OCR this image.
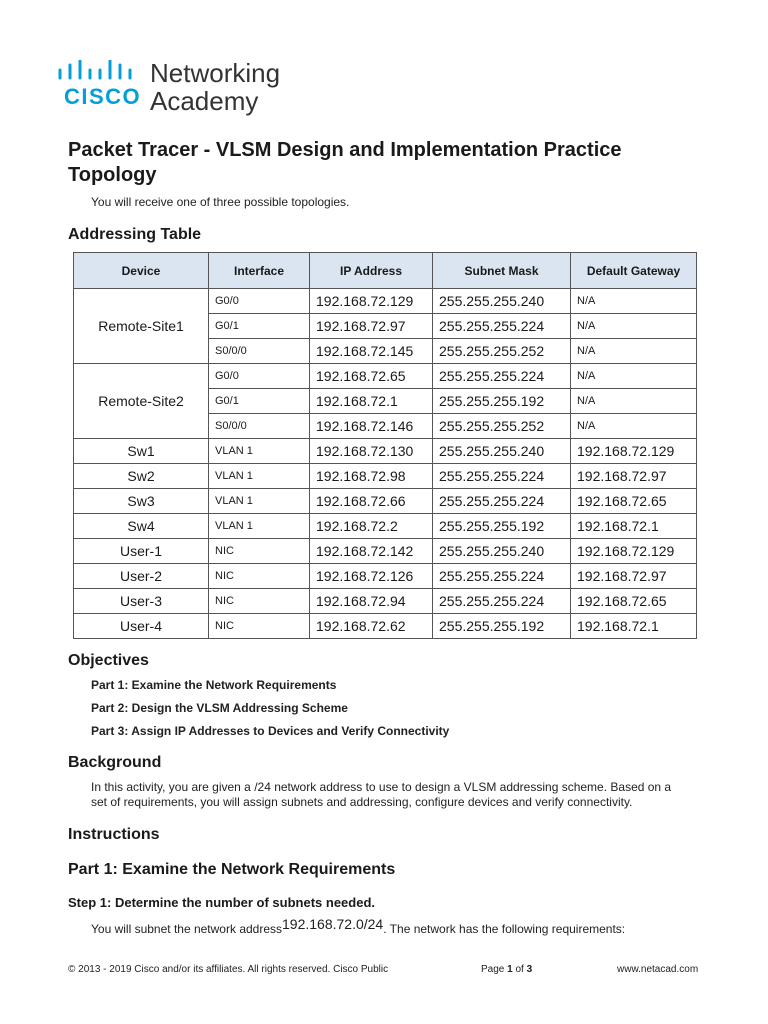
CISCO
Networking
Academy
Packet Tracer - VLSM Design and Implementation Practice Topology
You will receive one of three possible topologies.
Addressing Table
Device	Interface	IP Address	Subnet Mask	Default Gateway
Remote-Site1	G0/0	192.168.72.129	255.255.255.240	N/A
	G0/1	192.168.72.97	255.255.255.224	N/A
	S0/0/0	192.168.72.145	255.255.255.252	N/A
Remote-Site2	G0/0	192.168.72.65	255.255.255.224	N/A
	G0/1	192.168.72.1	255.255.255.192	N/A
	S0/0/0	192.168.72.146	255.255.255.252	N/A
Sw1	VLAN 1	192.168.72.130	255.255.255.240	192.168.72.129
Sw2	VLAN 1	192.168.72.98	255.255.255.224	192.168.72.97
Sw3	VLAN 1	192.168.72.66	255.255.255.224	192.168.72.65
Sw4	VLAN 1	192.168.72.2	255.255.255.192	192.168.72.1
User-1	NIC	192.168.72.142	255.255.255.240	192.168.72.129
User-2	NIC	192.168.72.126	255.255.255.224	192.168.72.97
User-3	NIC	192.168.72.94	255.255.255.224	192.168.72.65
User-4	NIC	192.168.72.62	255.255.255.192	192.168.72.1
Objectives
Part 1: Examine the Network Requirements
Part 2: Design the VLSM Addressing Scheme
Part 3: Assign IP Addresses to Devices and Verify Connectivity
Background
In this activity, you are given a /24 network address to use to design a VLSM addressing scheme. Based on a
set of requirements, you will assign subnets and addressing, configure devices and verify connectivity.
Instructions
Part 1: Examine the Network Requirements
Step 1: Determine the number of subnets needed.
You will subnet the network address192.168.72.0/24. The network has the following requirements:
© 2013 - 2019 Cisco and/or its affiliates. All rights reserved. Cisco Public	Page 1 of 3	www.netacad.com
